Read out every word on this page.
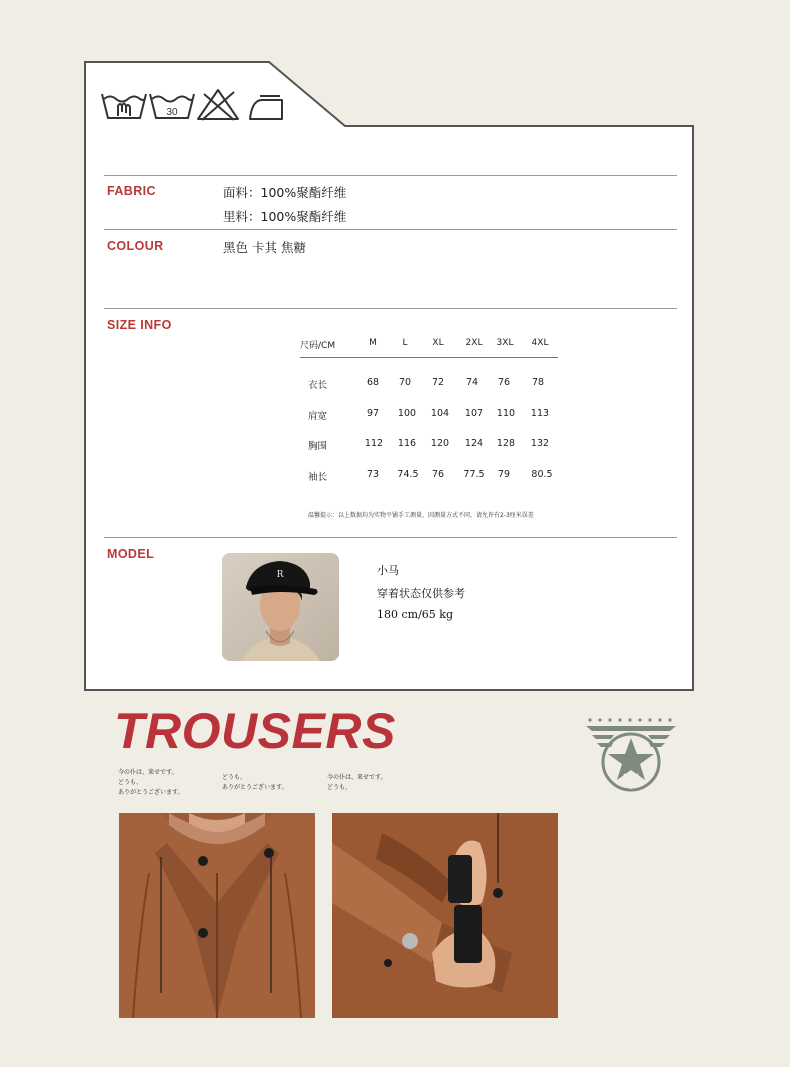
30
FABRIC	面料：100%聚酯纤维
里料：100%聚酯纤维
COLOUR	黑色 卡其 焦糖
SIZE INFO
尺码/CM	M	L	XL	2XL	3XL	4XL
衣长	68	70	72	74	76	78
肩宽	97	100	104	107	110	113
胸围	112	116	120	124	128	132
袖长	73	74.5	76	77.5	79	80.5
温馨提示：以上数据均为实物平铺手工测量，因测量方式不同，请允许有2-3厘米误差
MODEL
R	小马
穿着状态仅供参考
180 cm/65 kg
TROUSERS
今の仆は、来せです。
どうも、
ありがとうございます。
どうも、
ありがとうございます。
今の仆は、来せです。
どうも、
